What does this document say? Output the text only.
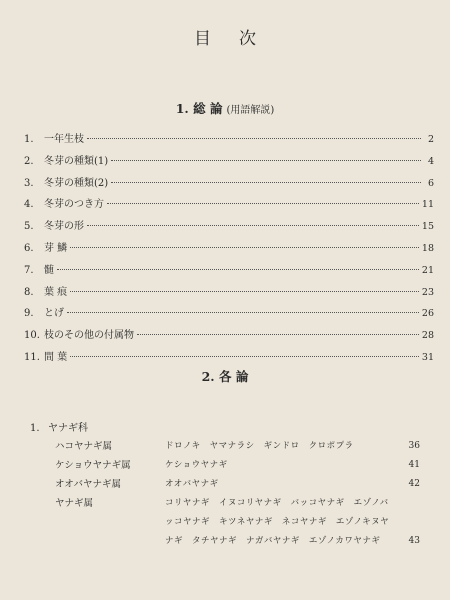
目次
1. 総 論 (用語解説)
1.	一年生枝	2
2.	冬芽の種類(1)	4
3.	冬芽の種類(2)	6
4.	冬芽のつき方	11
5.	冬芽の形	15
6.	芽 鱗	18
7.	髄	21
8.	葉 痕	23
9.	とげ	26
10. 枝のその他の付属物	28
11. 間 葉	31
2. 各 論
1. ヤナギ科
ハコヤナギ属	ドロノキ　ヤマナラシ　ギンドロ　クロポプラ	36
ケショウヤナギ属	ケショウヤナギ	41
オオバヤナギ属	オオバヤナギ	42
ヤナギ属	コリヤナギ　イヌコリヤナギ　バッコヤナギ　エゾノバ
ッコヤナギ　キツネヤナギ　ネコヤナギ　エゾノキヌヤ
ナギ　タチヤナギ　ナガバヤナギ　エゾノカワヤナギ	43
